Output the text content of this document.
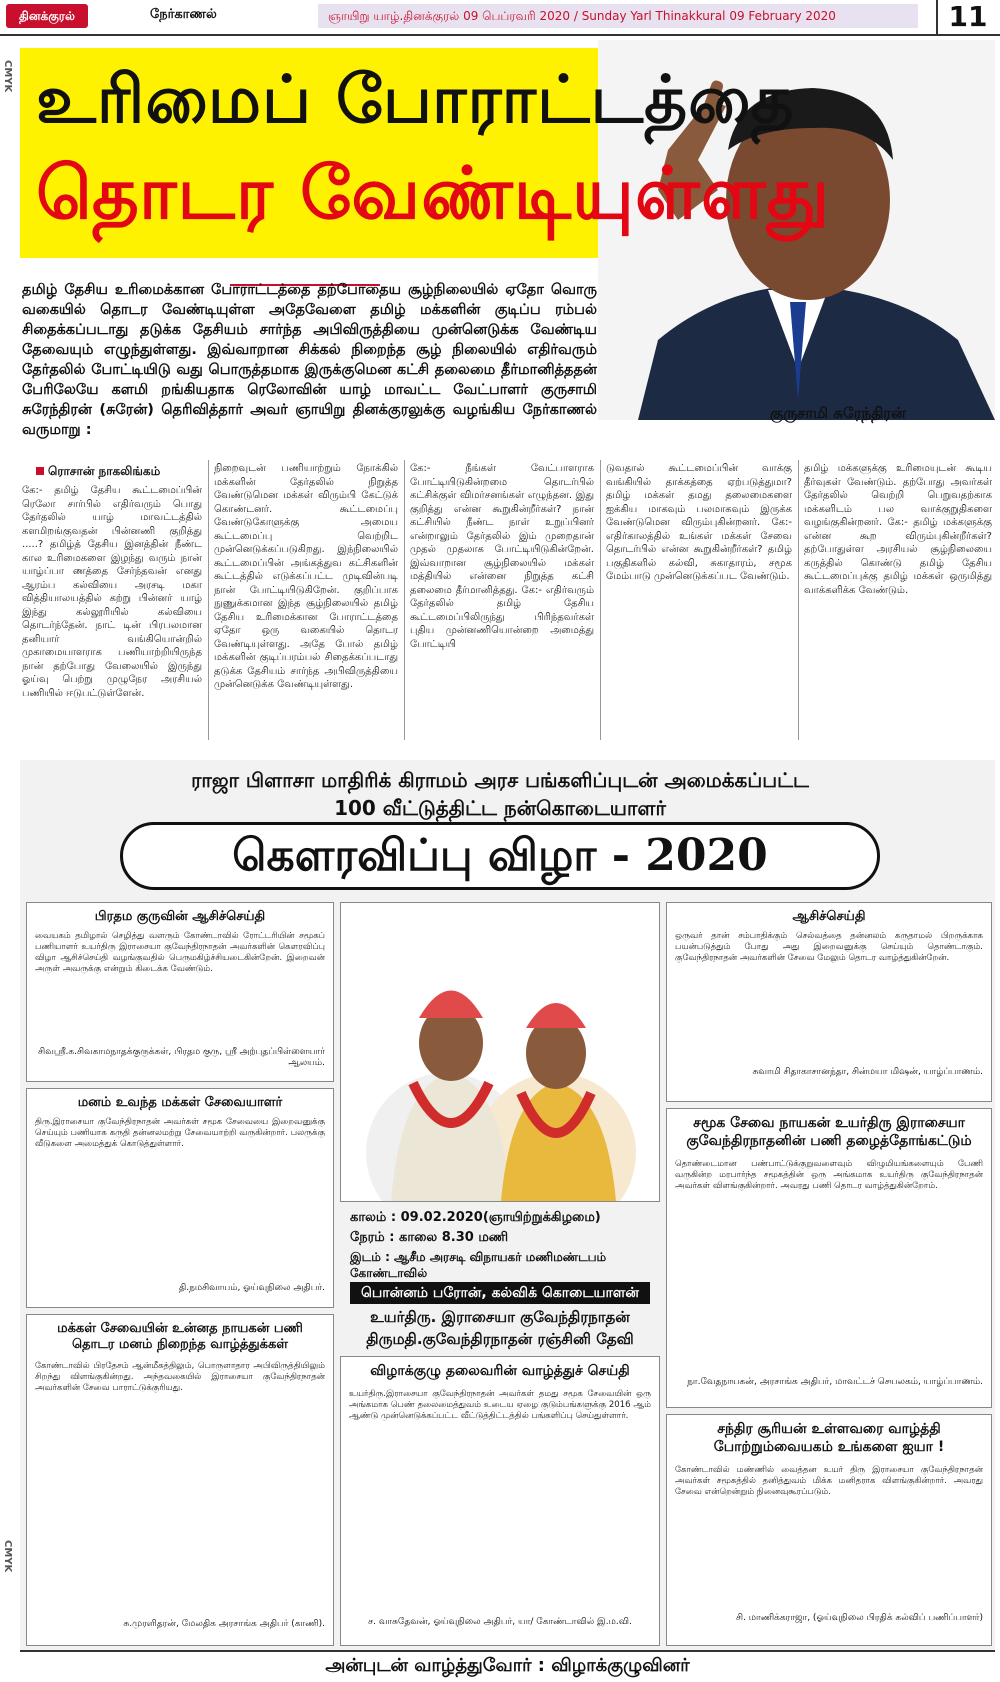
தினக்குரல்	நேர்காணல்	ஞாயிறு யாழ்.தினக்குரல் 09 பெப்ரவரி 2020 / Sunday Yarl Thinakkural 09 February 2020	11
CMYK
CMYK
உரிமைப் போராட்டத்தை
தொடர வேண்டியுள்ளது
குருசாமி சுரேந்திரன்
தமிழ் தேசிய உரிமைக்கான போராட்டத்தை தற்போதைய சூழ்நிலையில் ஏதோ வொரு வகையில் தொடர வேண்டியுள்ள அதேவேளை தமிழ் மக்களின் குடிப்ப ரம்பல் சிதைக்கப்படாது தடுக்க தேசியம் சார்ந்த அபிவிருத்தியை முன்னெடுக்க வேண்டிய தேவையும் எழுந்துள்ளது. இவ்வாறான சிக்கல் நிறைந்த சூழ் நிலையில் எதிர்வரும் தேர்தலில் போட்டியிடு வது பொருத்தமாக இருக்குமென கட்சி தலைமை தீர்மானித்ததன் பேரிலேயே களமி றங்கியதாக ரெலோவின் யாழ் மாவட்ட வேட்பாளர் குருசாமி சுரேந்திரன் (சுரேன்) தெரிவித்தார் அவர் ஞாயிறு தினக்குரலுக்கு வழங்கிய நேர்காணல் வருமாறு :
ரொசான் நாகலிங்கம்
கே:- தமிழ் தேசிய கூட்டமைப்பின் ரெலோ சார்பில் எதிர்வரும் பொது தேர்தலில் யாழ் மாவட்டத்தில் களமிறங்குவதன் பின்னணி குறித்து .....? தமிழ்த் தேசிய இனத்தின் நீண்ட கால உரிமைகளை இழந்து வரும் நான் யாழ்ப்பா ணத்தை சேர்ந்தவன் எனது ஆரம்ப கல்வியை அரசடி மகா வித்தியாலயத்தில் கற்று பின்னர் யாழ் இந்து கல்லூரியில் கல்வியை தொடர்ந்தேன். நாட் டின் பிரபலமான தனியார் வங்கியொன்றில் முகாமையாளராக பணியாற்றியிருந்த நான் தற்போது வேலையில் இருந்து ஓய்வு பெற்று முழுநேர அரசியல் பணியில் ஈடுபட்டுள்ளேன்.
நிறைவுடன் பணியாற்றும் நோக்கில் மக்களின் தேர்தலில் நிறுத்த வேண்டுமென மக்கள் விரும்பி கேட்டுக் கொண்டனர். கூட்டமைப்பு வேண்டுகோளுக்கு அமைய கூட்டமைப்பு வெற்றிட முன்னெடுக்கப்படுகிறது. இந்நிலையில் கூட்டமைப்பின் அங்கத்துவ கட்சிகளின் கூட்டத்தில் எடுக்கப்பட்ட முடிவின்படி நான் போட்டியிடுகிறேன். குறிப்பாக நுணுக்கமான இந்த சூழ்நிலையில் தமிழ் தேசிய உரிமைக்கான போராட்டத்தை ஏதோ ஒரு வகையில் தொடர வேண்டியுள்ளது. அதே போல் தமிழ் மக்களின் குடிப்பரம்பல் சிதைக்கப்படாது தடுக்க தேசியம் சார்ந்த அபிவிருத்தியை முன்னெடுக்க வேண்டியுள்ளது.
கே:- நீங்கள் வேட்பாளராக போட்டியிடுகின்றமை தொடர்பில் கட்சிக்குள் விமர்சனங்கள் எழுந்தன. இது குறித்து என்ன கூறுகின்றீர்கள்? நான் கட்சியில் நீண்ட நாள் உறுப்பினர் என்றாலும் தேர்தலில் இம் முறைதான் முதல் முதலாக போட்டியிடுகின்றேன். இவ்வாறான சூழ்நிலையில் மக்கள் மத்தியில் என்னை நிறுத்த கட்சி தலைமை தீர்மானித்தது. கே:- எதிர்வரும் தேர்தலில் தமிழ் தேசிய கூட்டமைப்பிலிருந்து பிரிந்தவர்கள் புதிய முன்னணியொன்றை அமைத்து போட்டியி
டுவதால் கூட்டமைப்பின் வாக்கு வங்கியில் தாக்கத்தை ஏற்படுத்துமா? தமிழ் மக்கள் தமது தலைமைகளை ஐக்கிய மாகவும் பலமாகவும் இருக்க வேண்டுமென விரும்புகின்றனர். கே:- எதிர்காலத்தில் உங்கள் மக்கள் சேவை தொடர்பில் என்ன கூறுகின்றீர்கள்? தமிழ் பகுதிகளில் கல்வி, சுகாதாரம், சமூக மேம்பாடு முன்னெடுக்கப்பட வேண்டும்.
தமிழ் மக்களுக்கு உரிமையுடன் கூடிய தீர்வுகள் வேண்டும். தற்போது அவர்கள் தேர்தலில் வெற்றி பெறுவதற்காக மக்களிடம் பல வாக்குறுதிகளை வழங்குகின்றனர். கே:- தமிழ் மக்களுக்கு என்ன கூற விரும்புகின்றீர்கள்? தற்போதுள்ள அரசியல் சூழ்நிலையை கருத்தில் கொண்டு தமிழ் தேசிய கூட்டமைப்புக்கு தமிழ் மக்கள் ஒருமித்து வாக்களிக்க வேண்டும்.
ராஜா பிளாசா மாதிரிக் கிராமம் அரச பங்களிப்புடன் அமைக்கப்பட்ட
100 வீட்டுத்திட்ட நன்கொடையாளர்
கௌரவிப்பு விழா - 2020
பிரதம குருவின் ஆசிச்செய்தி
வையகம் தமிழால் செழித்து வளரும் கோண்டாவில் ரோட்டரியின் சமூகப் பணியாளர் உயர்திரு இராசையா குவேந்திரநாதன் அவர்களின் கௌரவிப்பு விழா ஆசிச்செய்தி வழங்குவதில் பெருமகிழ்ச்சியடைகின்றேன். இறைவன் அருள் அவருக்கு என்றும் கிடைக்க வேண்டும்.
சிவஸ்ரீ.க.சிவகாமநாதக்குருக்கள், பிரதம குரு, ஸ்ரீ அற்புதப்பிள்ளையார் ஆலயம்.
மனம் உவந்த மக்கள் சேவையாளர்
திரு.இராசையா குவேந்திரநாதன் அவர்கள் சமூக சேவையை இறைவனுக்கு செய்யும் பணியாக கருதி தன்னலமற்று சேவையாற்றி வருகின்றார். பலருக்கு வீடுகளை அமைத்துக் கொடுத்துள்ளார்.
தி.நமசிவாயம், ஓய்வுநிலை அதிபர்.
மக்கள் சேவையின் உன்னத நாயகன் பணி தொடர மனம் நிறைந்த வாழ்த்துக்கள்
கோண்டாவில் பிரதேசம் ஆன்மீகத்திலும், பொருளாதார அபிவிருத்தியிலும் சிறந்து விளங்குகின்றது. அந்தவகையில் இராசையா குவேந்திரநாதன் அவர்களின் சேவை பாராட்டுக்குரியது.
சு.முரளிதரன், மேலதிக அரசாங்க அதிபர் (காணி).
காலம் : 09.02.2020(ஞாயிற்றுக்கிழமை)
நேரம் : காலை 8.30 மணி
இடம் : ஆசீம அரசடி விநாயகர் மணிமண்டபம் கோண்டாவில்
பொன்னம் பரோன், கல்விக் கொடையாளன்
உயர்திரு. இராசையா குவேந்திரநாதன்
திருமதி.குவேந்திரநாதன் ரஞ்சினி தேவி
விழாக்குழு தலைவரின் வாழ்த்துச் செய்தி
உயர்திரு.இராசையா குவேந்திரநாதன் அவர்கள் தமது சமூக சேவையின் ஒரு அங்கமாக பெண் தலைமைத்துவம் உடைய ஏழை குடும்பங்களுக்கு 2016 ஆம் ஆண்டு முன்னெடுக்கப்பட்ட வீட்டுத்திட்டத்தில் பங்களிப்பு செய்துள்ளார்.
ச. வாசுதேவன், ஓய்வுநிலை அதிபர், யா/ கோண்டாவில் இ.ம.வி.
ஆசிச்செய்தி
ஒருவர் தான் சம்பாதிக்கும் செல்வத்தை தன்னலம் கருதாமல் பிறருக்காக பயன்படுத்தும் போது அது இறைவனுக்கு செய்யும் தொண்டாகும். குவேந்திரநாதன் அவர்களின் சேவை மேலும் தொடர வாழ்த்துகின்றேன்.
சுவாமி சிதாகாசானந்தா, சின்மயா மிஷன், யாழ்ப்பாணம்.
சமூக சேவை நாயகன் உயர்திரு இராசையா குவேந்திரநாதனின் பணி தழைத்தோங்கட்டும்
தொண்டைமான பண்பாட்டுக்குறுவளைவும் விழுமியங்களையும் பேணி வருகின்ற மரபார்ந்த சமூகத்தின் ஒரு அங்கமாக உயர்திரு குவேந்திரநாதன் அவர்கள் விளங்குகின்றார். அவரது பணி தொடர வாழ்த்துகின்றோம்.
நா.வேதநாயகன், அரசாங்க அதிபர், மாவட்டச் செயலகம், யாழ்ப்பாணம்.
சந்திர சூரியன் உள்ளவரை வாழ்த்தி போற்றும்வையகம் உங்களை ஐயா !
கோண்டாவில் மண்ணில் வைத்தன உயர் திரு இராசையா குவேந்திரநாதன் அவர்கள் சமூகத்தில் தனித்துவம் மிக்க மனிதராக விளங்குகின்றார். அவரது சேவை என்றென்றும் நினைவுகூரப்படும்.
சி. மாணிக்கராஜா, (ஓய்வுநிலை பிரதிக் கல்விப் பணிப்பாளர்)
அன்புடன் வாழ்த்துவோர் : விழாக்குழுவினர்
